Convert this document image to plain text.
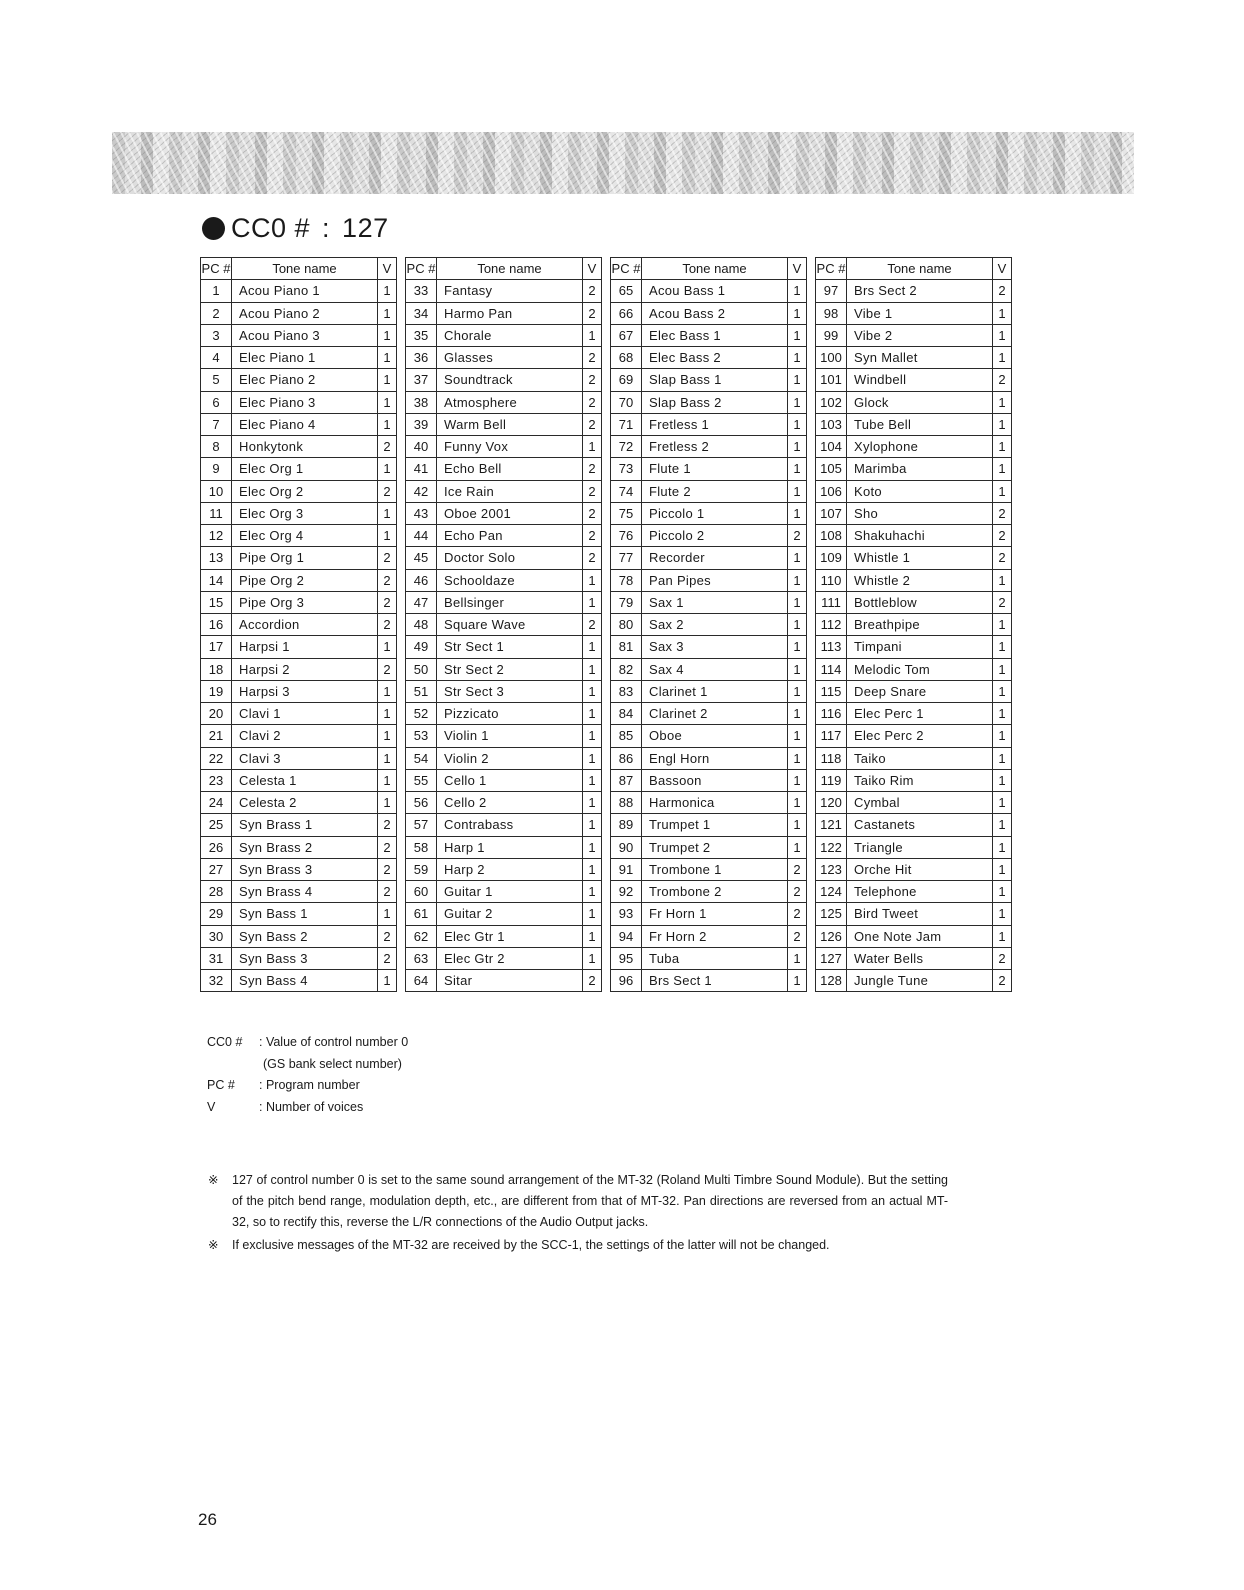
CC0 # : 127
PC #	Tone name	V
1	Acou Piano 1	1
2	Acou Piano 2	1
3	Acou Piano 3	1
4	Elec Piano 1	1
5	Elec Piano 2	1
6	Elec Piano 3	1
7	Elec Piano 4	1
8	Honkytonk	2
9	Elec Org 1	1
10	Elec Org 2	2
11	Elec Org 3	1
12	Elec Org 4	1
13	Pipe Org 1	2
14	Pipe Org 2	2
15	Pipe Org 3	2
16	Accordion	2
17	Harpsi 1	1
18	Harpsi 2	2
19	Harpsi 3	1
20	Clavi 1	1
21	Clavi 2	1
22	Clavi 3	1
23	Celesta 1	1
24	Celesta 2	1
25	Syn Brass 1	2
26	Syn Brass 2	2
27	Syn Brass 3	2
28	Syn Brass 4	2
29	Syn Bass 1	1
30	Syn Bass 2	2
31	Syn Bass 3	2
32	Syn Bass 4	1
PC #	Tone name	V
33	Fantasy	2
34	Harmo Pan	2
35	Chorale	1
36	Glasses	2
37	Soundtrack	2
38	Atmosphere	2
39	Warm Bell	2
40	Funny Vox	1
41	Echo Bell	2
42	Ice Rain	2
43	Oboe 2001	2
44	Echo Pan	2
45	Doctor Solo	2
46	Schooldaze	1
47	Bellsinger	1
48	Square Wave	2
49	Str Sect 1	1
50	Str Sect 2	1
51	Str Sect 3	1
52	Pizzicato	1
53	Violin 1	1
54	Violin 2	1
55	Cello 1	1
56	Cello 2	1
57	Contrabass	1
58	Harp 1	1
59	Harp 2	1
60	Guitar 1	1
61	Guitar 2	1
62	Elec Gtr 1	1
63	Elec Gtr 2	1
64	Sitar	2
PC #	Tone name	V
65	Acou Bass 1	1
66	Acou Bass 2	1
67	Elec Bass 1	1
68	Elec Bass 2	1
69	Slap Bass 1	1
70	Slap Bass 2	1
71	Fretless 1	1
72	Fretless 2	1
73	Flute 1	1
74	Flute 2	1
75	Piccolo 1	1
76	Piccolo 2	2
77	Recorder	1
78	Pan Pipes	1
79	Sax 1	1
80	Sax 2	1
81	Sax 3	1
82	Sax 4	1
83	Clarinet 1	1
84	Clarinet 2	1
85	Oboe	1
86	Engl Horn	1
87	Bassoon	1
88	Harmonica	1
89	Trumpet 1	1
90	Trumpet 2	1
91	Trombone 1	2
92	Trombone 2	2
93	Fr Horn 1	2
94	Fr Horn 2	2
95	Tuba	1
96	Brs Sect 1	1
PC #	Tone name	V
97	Brs Sect 2	2
98	Vibe 1	1
99	Vibe 2	1
100	Syn Mallet	1
101	Windbell	2
102	Glock	1
103	Tube Bell	1
104	Xylophone	1
105	Marimba	1
106	Koto	1
107	Sho	2
108	Shakuhachi	2
109	Whistle 1	2
110	Whistle 2	1
111	Bottleblow	2
112	Breathpipe	1
113	Timpani	1
114	Melodic Tom	1
115	Deep Snare	1
116	Elec Perc 1	1
117	Elec Perc 2	1
118	Taiko	1
119	Taiko Rim	1
120	Cymbal	1
121	Castanets	1
122	Triangle	1
123	Orche Hit	1
124	Telephone	1
125	Bird Tweet	1
126	One Note Jam	1
127	Water Bells	2
128	Jungle Tune	2
CC0 #	: Value of control number 0
(GS bank select number)
PC #	: Program number
V	: Number of voices
※	127 of control number 0 is set to the same sound arrangement of the MT-32 (Roland Multi Timbre Sound Module). But the setting of the pitch bend range, modulation depth, etc., are different from that of MT-32. Pan directions are reversed from an actual MT-32, so to rectify this, reverse the L/R connections of the Audio Output jacks.
※	If exclusive messages of the MT-32 are received by the SCC-1, the settings of the latter will not be changed.
26
